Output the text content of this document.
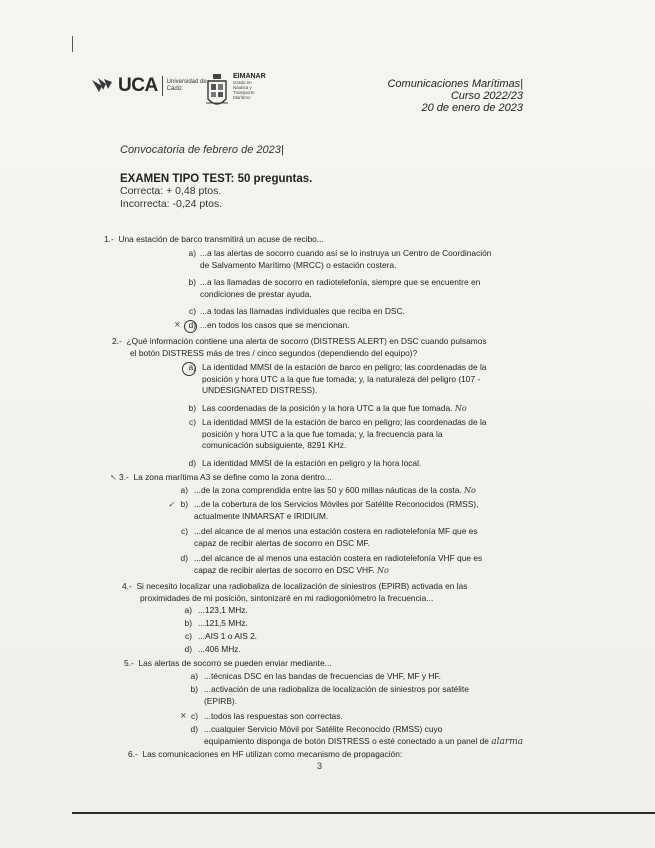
UCA Universidad de Cádiz
EIMANAR
Grado en Náutica y Transporte Marítimo
Comunicaciones Marítimas|
Curso 2022/23
20 de enero de 2023
Convocatoria de febrero de 2023|
EXAMEN TIPO TEST: 50 preguntas.
Correcta: + 0,48 ptos.
Incorrecta: -0,24 ptos.
1.- Una estación de barco transmitirá un acuse de recibo...
a) ...a las alertas de socorro cuando así se lo instruya un Centro de Coordinación
de Salvamento Marítimo (MRCC) o estación costera.
b) ...a las llamadas de socorro en radiotelefonía, siempre que se encuentre en
condiciones de prestar ayuda.
c) ...a todas las llamadas individuales que reciba en DSC.
× d) ...en todos los casos que se mencionan.
2.- ¿Qué información contiene una alerta de socorro (DISTRESS ALERT) en DSC cuando pulsamos
el botón DISTRESS más de tres / cinco segundos (dependiendo del equipo)?
a) La identidad MMSI de la estación de barco en peligro; las coordenadas de la
posición y hora UTC a la que fue tomada; y, la naturaleza del peligro (107 -
UNDESIGNATED DISTRESS).
b) Las coordenadas de la posición y la hora UTC a la que fue tomada. No
c) La identidad MMSI de la estación de barco en peligro; las coordenadas de la
posición y hora UTC a la que fue tomada; y, la frecuencia para la
comunicación subsiguiente, 8291 KHz.
d) La identidad MMSI de la estación en peligro y la hora local.
↖ 3.- La zona marítima A3 se define como la zona dentro...
a) ...de la zona comprendida entre las 50 y 600 millas náuticas de la costa. No
✓ b) ...de la cobertura de los Servicios Móviles por Satélite Reconocidos (RMSS),
actualmente INMARSAT e IRIDIUM.
c) ...del alcance de al menos una estación costera en radiotelefonía MF que es
capaz de recibir alertas de socorro en DSC MF.
d) ...del alcance de al menos una estación costera en radiotelefonía VHF que es
capaz de recibir alertas de socorro en DSC VHF. No
4.- Si necesito localizar una radiobaliza de localización de siniestros (EPIRB) activada en las
proximidades de mi posición, sintonizaré en mi radiogoniómetro la frecuencia...
a) ...123,1 MHz.
b) ...121,5 MHz.
c) ...AIS 1 o AIS 2.
d) ...406 MHz.
5.- Las alertas de socorro se pueden enviar mediante...
a) ...técnicas DSC en las bandas de frecuencias de VHF, MF y HF.
b) ...activación de una radiobaliza de localización de siniestros por satélite
(EPIRB).
× c) ...todos las respuestas son correctas.
d) ...cualquier Servicio Móvil por Satélite Reconocido (RMSS) cuyo
equipamiento disponga de botón DISTRESS o esté conectado a un panel de alarma
6.- Las comunicaciones en HF utilizan como mecanismo de propagación:
3
